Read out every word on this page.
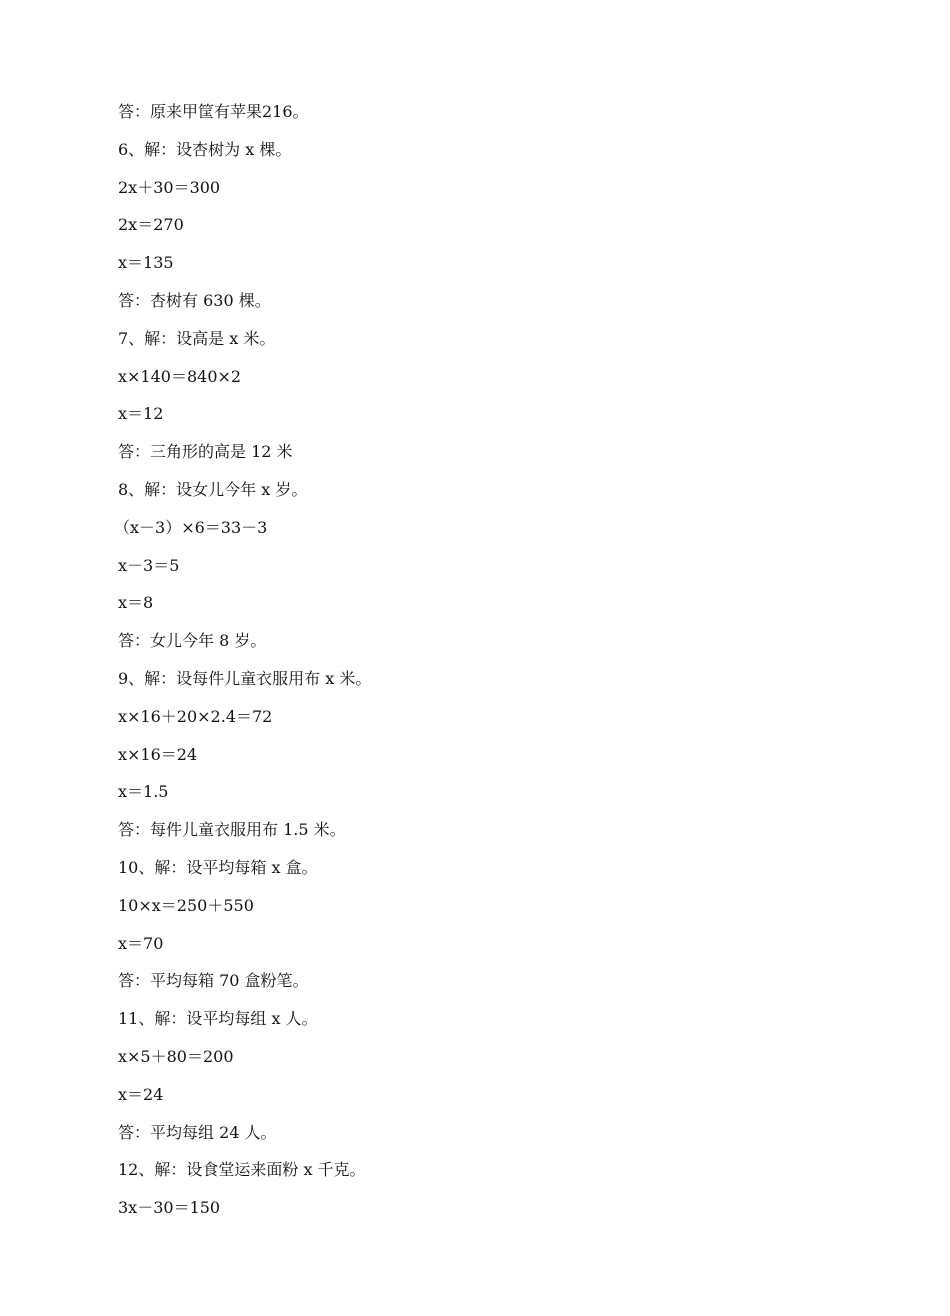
答：原来甲筐有苹果216。
6、解：设杏树为 x 棵。
2x＋30＝300
2x＝270
x＝135
答：杏树有 630 棵。
7、解：设高是 x 米。
x×140＝840×2
x＝12
答：三角形的高是 12 米
8、解：设女儿今年 x 岁。
（x－3）×6＝33－3
x－3＝5
x＝8
答：女儿今年 8 岁。
9、解：设每件儿童衣服用布 x 米。
x×16＋20×2.4＝72
x×16＝24
x＝1.5
答：每件儿童衣服用布 1.5 米。
10、解：设平均每箱 x 盒。
10×x＝250＋550
x＝70
答：平均每箱 70 盒粉笔。
11、解：设平均每组 x 人。
x×5＋80＝200
x＝24
答：平均每组 24 人。
12、解：设食堂运来面粉 x 千克。
3x－30＝150
